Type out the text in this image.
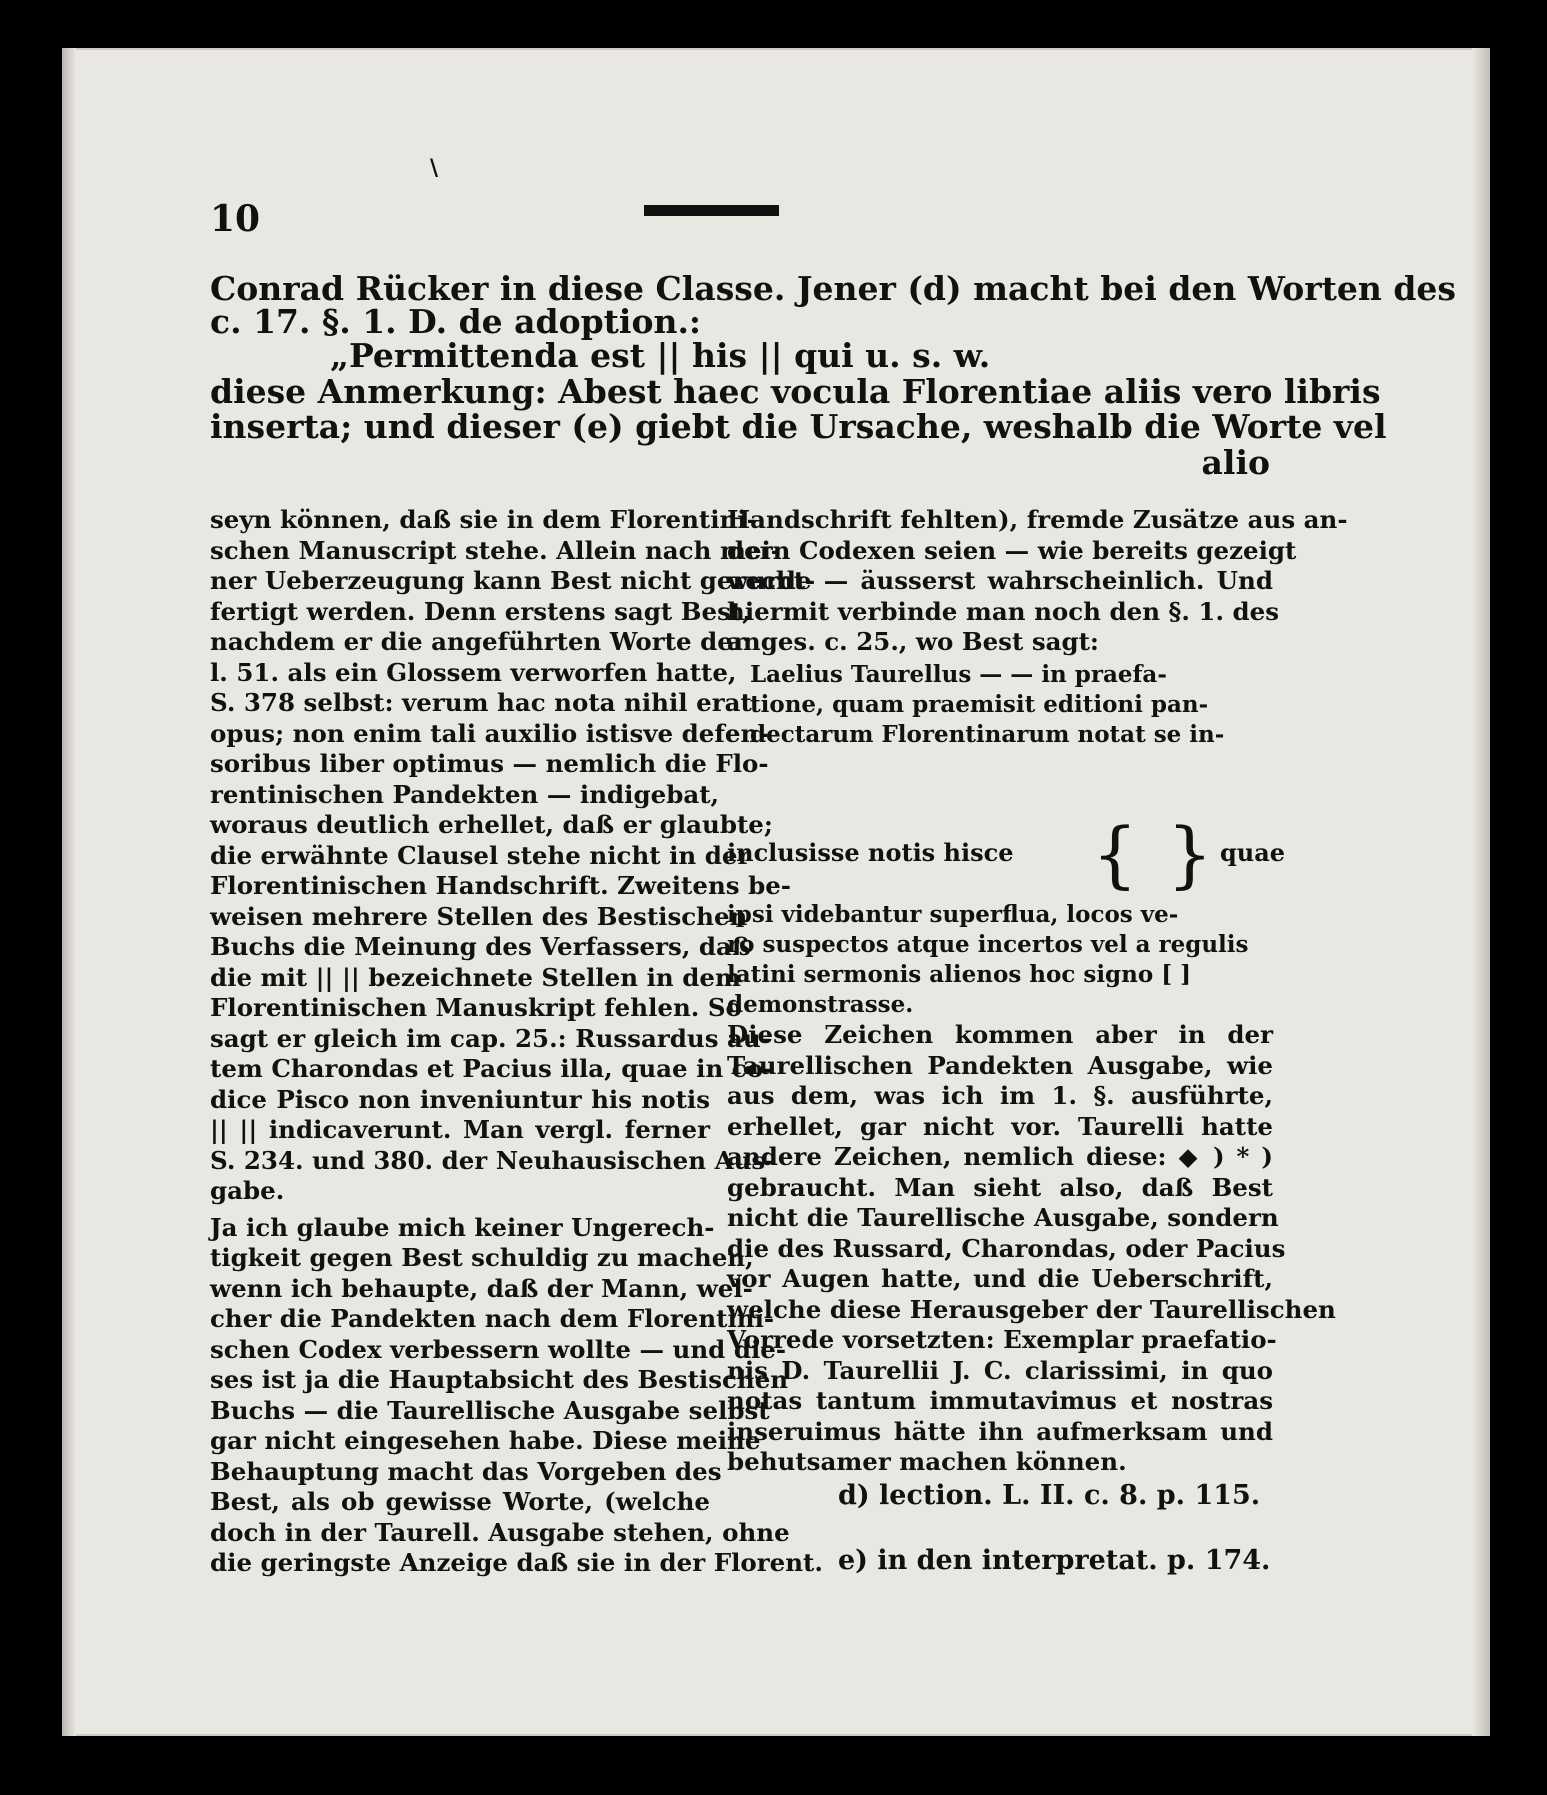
\
10
Conrad Rücker in diese Classe. Jener (d) macht bei den Worten des
c. 17. §. 1. D. de adoption.:
„Permittenda est || his || qui u. s. w.
diese Anmerkung: Abest haec vocula Florentiae aliis vero libris
inserta; und dieser (e) giebt die Ursache, weshalb die Worte vel
alio

seyn können, daß sie in dem Florentini-

schen Manuscript stehe. Allein nach mei-

ner Ueberzeugung kann Best nicht gerecht-

fertigt werden. Denn erstens sagt Best,

nachdem er die angeführten Worte der

l. 51. als ein Glossem verworfen hatte,

S. 378 selbst: verum hac nota nihil erat

opus; non enim tali auxilio istisve defen-

soribus liber optimus — nemlich die Flo-

rentinischen Pandekten — indigebat,

woraus deutlich erhellet, daß er glaubte;

die erwähnte Clausel stehe nicht in der

Florentinischen Handschrift. Zweitens be-

weisen mehrere Stellen des Bestischen

Buchs die Meinung des Verfassers, daß

die mit || || bezeichnete Stellen in dem

Florentinischen Manuskript fehlen. So

sagt er gleich im cap. 25.: Russardus au-

tem Charondas et Pacius illa, quae in co-

dice Pisco non inveniuntur his notis

|| || indicaverunt. Man vergl. ferner

S. 234. und 380. der Neuhausischen Aus-

gabe.

Ja ich glaube mich keiner Ungerech-

tigkeit gegen Best schuldig zu machen,

wenn ich behaupte, daß der Mann, wel-

cher die Pandekten nach dem Florentini-

schen Codex verbessern wollte — und die-

ses ist ja die Hauptabsicht des Bestischen

Buchs — die Taurellische Ausgabe selbst

gar nicht eingesehen habe. Diese meine

Behauptung macht das Vorgeben des

Best, als ob gewisse Worte, (welche

doch in der Taurell. Ausgabe stehen, ohne

die geringste Anzeige daß sie in der Florent.

Handschrift fehlten), fremde Zusätze aus an-

dern Codexen seien — wie bereits gezeigt

wurde — äusserst wahrscheinlich. Und

hiermit verbinde man noch den §. 1. des

anges. c. 25., wo Best sagt:

Laelius Taurellus — — in praefa-
tione, quam praemisit editioni pan-
dectarum Florentinarum notat se in-
inclusisse notis hisce { } quae
ipsi videbantur superflua, locos ve-
ro suspectos atque incertos vel a regulis
latini sermonis alienos hoc signo [ ]
demonstrasse.

Diese Zeichen kommen aber in der

Taurellischen Pandekten Ausgabe, wie

aus dem, was ich im 1. §. ausführte,

erhellet, gar nicht vor. Taurelli hatte

andere Zeichen, nemlich diese: ◆ ) * )

gebraucht. Man sieht also, daß Best

nicht die Taurellische Ausgabe, sondern

die des Russard, Charondas, oder Pacius

vor Augen hatte, und die Ueberschrift,

welche diese Herausgeber der Taurellischen

Vorrede vorsetzten: Exemplar praefatio-

nis D. Taurellii J. C. clarissimi, in quo

notas tantum immutavimus et nostras

inseruimus hätte ihn aufmerksam und

behutsamer machen können.

d) lection. L. II. c. 8. p. 115.
e) in den interpretat. p. 174.
